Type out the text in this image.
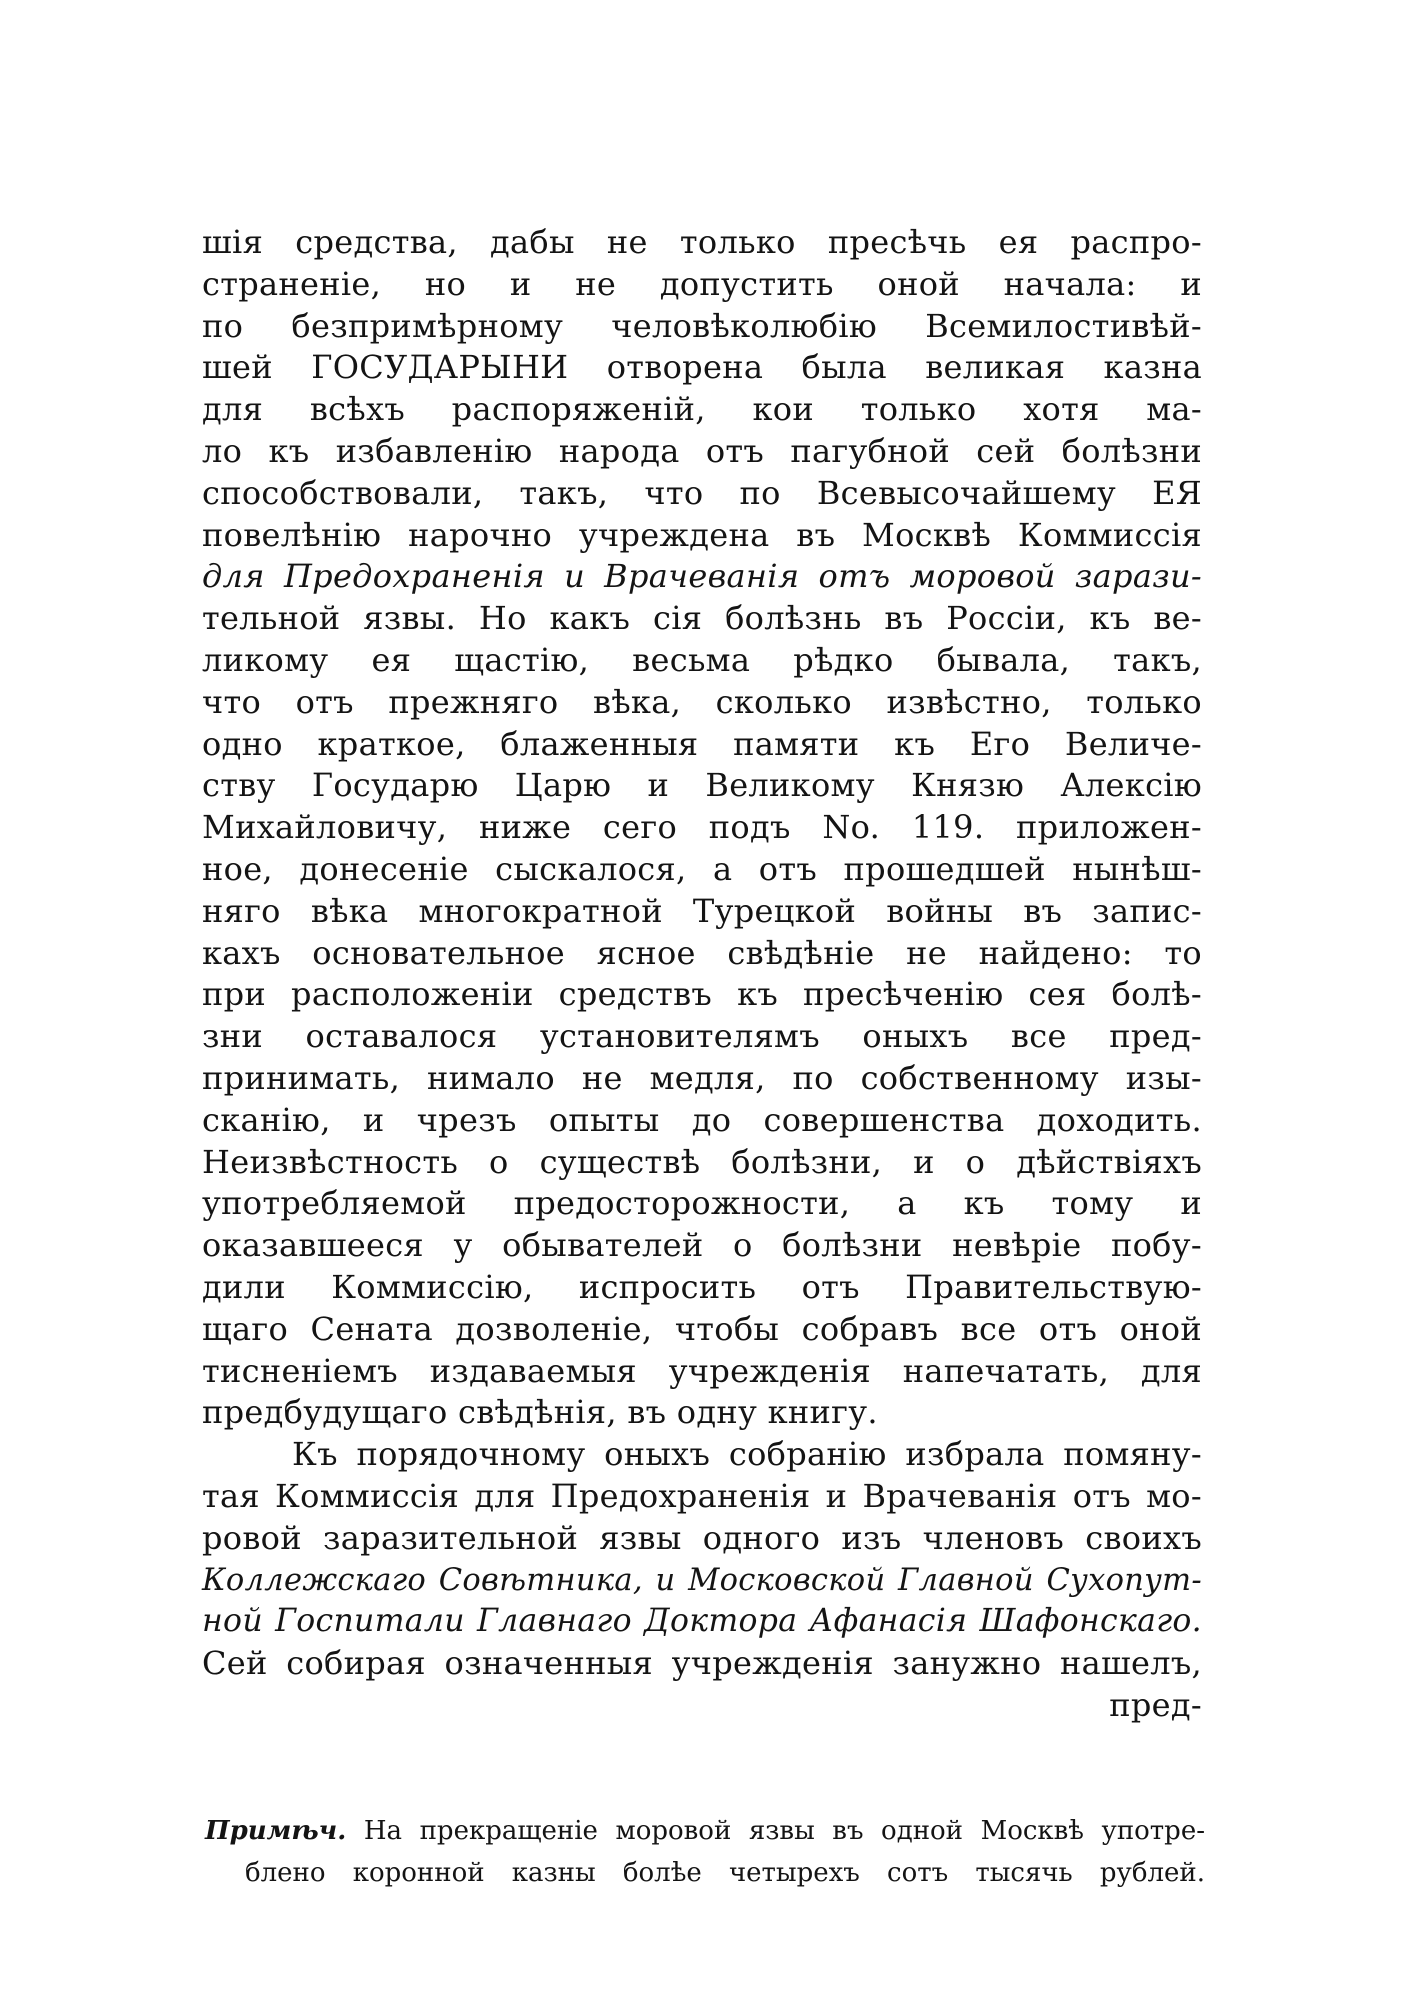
шія средства, дабы не только пресѣчь ея распро-
страненіе, но и не допустить оной начала: и
по безпримѣрному человѣколюбію Всемилостивѣй-
шей ГОСУДАРЫНИ отворена была великая казна
для всѣхъ распоряженій, кои только хотя ма-
ло къ избавленію народа отъ пагубной сей болѣзни
способствовали, такъ, что по Всевысочайшему ЕЯ
повелѣнію нарочно учреждена въ Москвѣ Коммиссія
для Предохраненія и Врачеванія отъ моровой зарази-
тельной язвы. Но какъ сія болѣзнь въ Россіи, къ ве-
ликому ея щастію, весьма рѣдко бывала, такъ,
что отъ прежняго вѣка, сколько извѣстно, только
одно краткое, блаженныя памяти къ Его Величе-
ству Государю Царю и Великому Князю Алексію
Михайловичу, ниже сего подъ No. 119. приложен-
ное, донесеніе сыскалося, а отъ прошедшей нынѣш-
няго вѣка многократной Турецкой войны въ запис-
кахъ основательное ясное свѣдѣніе не найдено: то
при расположеніи средствъ къ пресѣченію сея болѣ-
зни оставалося установителямъ оныхъ все пред-
принимать, нимало не медля, по собственному изы-
сканію, и чрезъ опыты до совершенства доходить.
Неизвѣстность о существѣ болѣзни, и о дѣйствіяхъ
употребляемой предосторожности, а къ тому и
оказавшееся у обывателей о болѣзни невѣріе побу-
дили Коммиссію, испросить отъ Правительствую-
щаго Сената дозволеніе, чтобы собравъ все отъ оной
тисненіемъ издаваемыя учрежденія напечатать, для
предбудущаго свѣдѣнія, въ одну книгу.
Къ порядочному оныхъ собранію избрала помяну-
тая Коммиссія для Предохраненія и Врачеванія отъ мо-
ровой заразительной язвы одного изъ членовъ своихъ
Коллежскаго Совѣтника, и Московской Главной Сухопут-
ной Госпитали Главнаго Доктора Афанасія Шафонскаго.
Сей собирая означенныя учрежденія занужно нашелъ,
пред-
Примѣч. На прекращеніе моровой язвы въ одной Москвѣ употре-
блено коронной казны болѣе четырехъ сотъ тысячь рублей.
